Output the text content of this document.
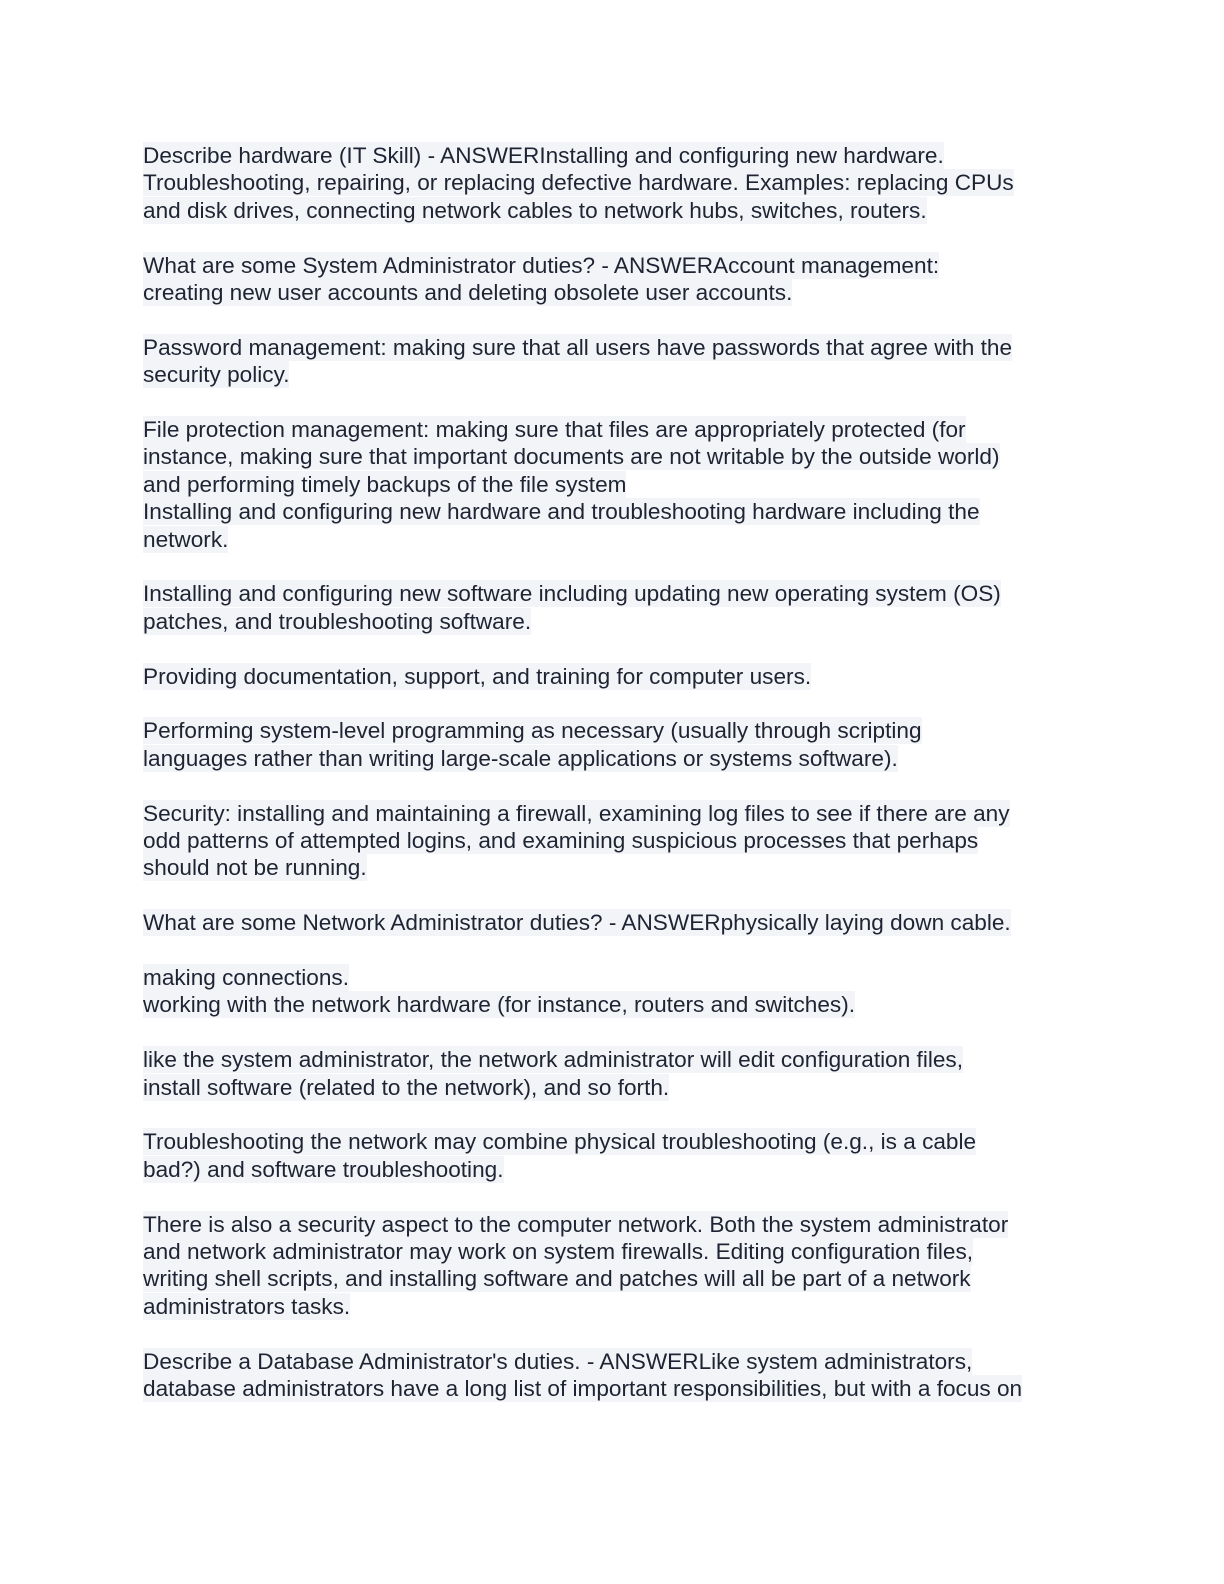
Describe hardware (IT Skill) - ANSWERInstalling and configuring new hardware.
Troubleshooting, repairing, or replacing defective hardware. Examples: replacing CPUs
and disk drives, connecting network cables to network hubs, switches, routers.
What are some System Administrator duties? - ANSWERAccount management:
creating new user accounts and deleting obsolete user accounts.
Password management: making sure that all users have passwords that agree with the
security policy.
File protection management: making sure that files are appropriately protected (for
instance, making sure that important documents are not writable by the outside world)
and performing timely backups of the file system
Installing and configuring new hardware and troubleshooting hardware including the
network.
Installing and configuring new software including updating new operating system (OS)
patches, and troubleshooting software.
Providing documentation, support, and training for computer users.
Performing system-level programming as necessary (usually through scripting
languages rather than writing large-scale applications or systems software).
Security: installing and maintaining a firewall, examining log files to see if there are any
odd patterns of attempted logins, and examining suspicious processes that perhaps
should not be running.
What are some Network Administrator duties? - ANSWERphysically laying down cable.
making connections.
working with the network hardware (for instance, routers and switches).
like the system administrator, the network administrator will edit configuration files,
install software (related to the network), and so forth.
Troubleshooting the network may combine physical troubleshooting (e.g., is a cable
bad?) and software troubleshooting.
There is also a security aspect to the computer network. Both the system administrator
and network administrator may work on system firewalls. Editing configuration files,
writing shell scripts, and installing software and patches will all be part of a network
administrators tasks.
Describe a Database Administrator's duties. - ANSWERLike system administrators,
database administrators have a long list of important responsibilities, but with a focus on
